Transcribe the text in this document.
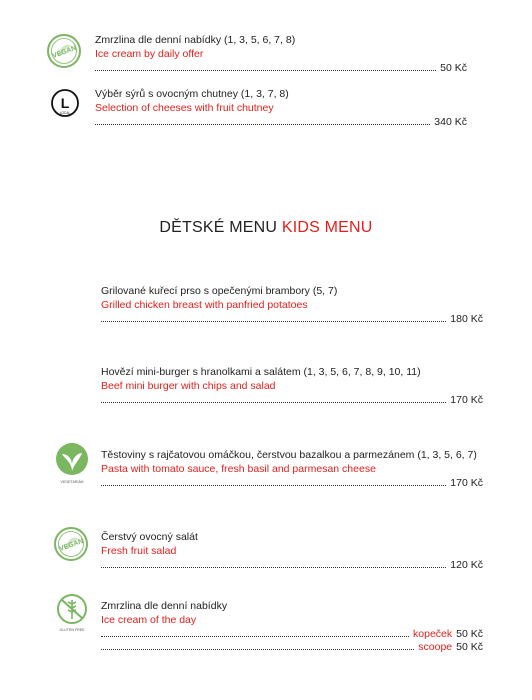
VEGAN
Zmrzlina dle denní nabídky (1, 3, 5, 6, 7, 8)
Ice cream by daily offer
50 Kč
L
LOCAL
Výběr sýrů s ovocným chutney (1, 3, 7, 8)
Selection of cheeses with fruit chutney
340 Kč
DĚTSKÉ MENU KIDS MENU
Grilované kuřecí prso s opečenými brambory (5, 7)
Grilled chicken breast with panfried potatoes
180 Kč
Hovězí mini-burger s hranolkami a salátem (1, 3, 5, 6, 7, 8, 9, 10, 11)
Beef mini burger with chips and salad
170 Kč
VEGETARIÁN
Těstoviny s rajčatovou omáčkou, čerstvou bazalkou a parmezánem (1, 3, 5, 6, 7)
Pasta with tomato sauce, fresh basil and parmesan cheese
170 Kč
VEGAN
Čerstvý ovocný salát
Fresh fruit salad
120 Kč
GLUTEN FREE
Zmrzlina dle denní nabídky
Ice cream of the day
kopeček 50 Kč
scoope 50 Kč
